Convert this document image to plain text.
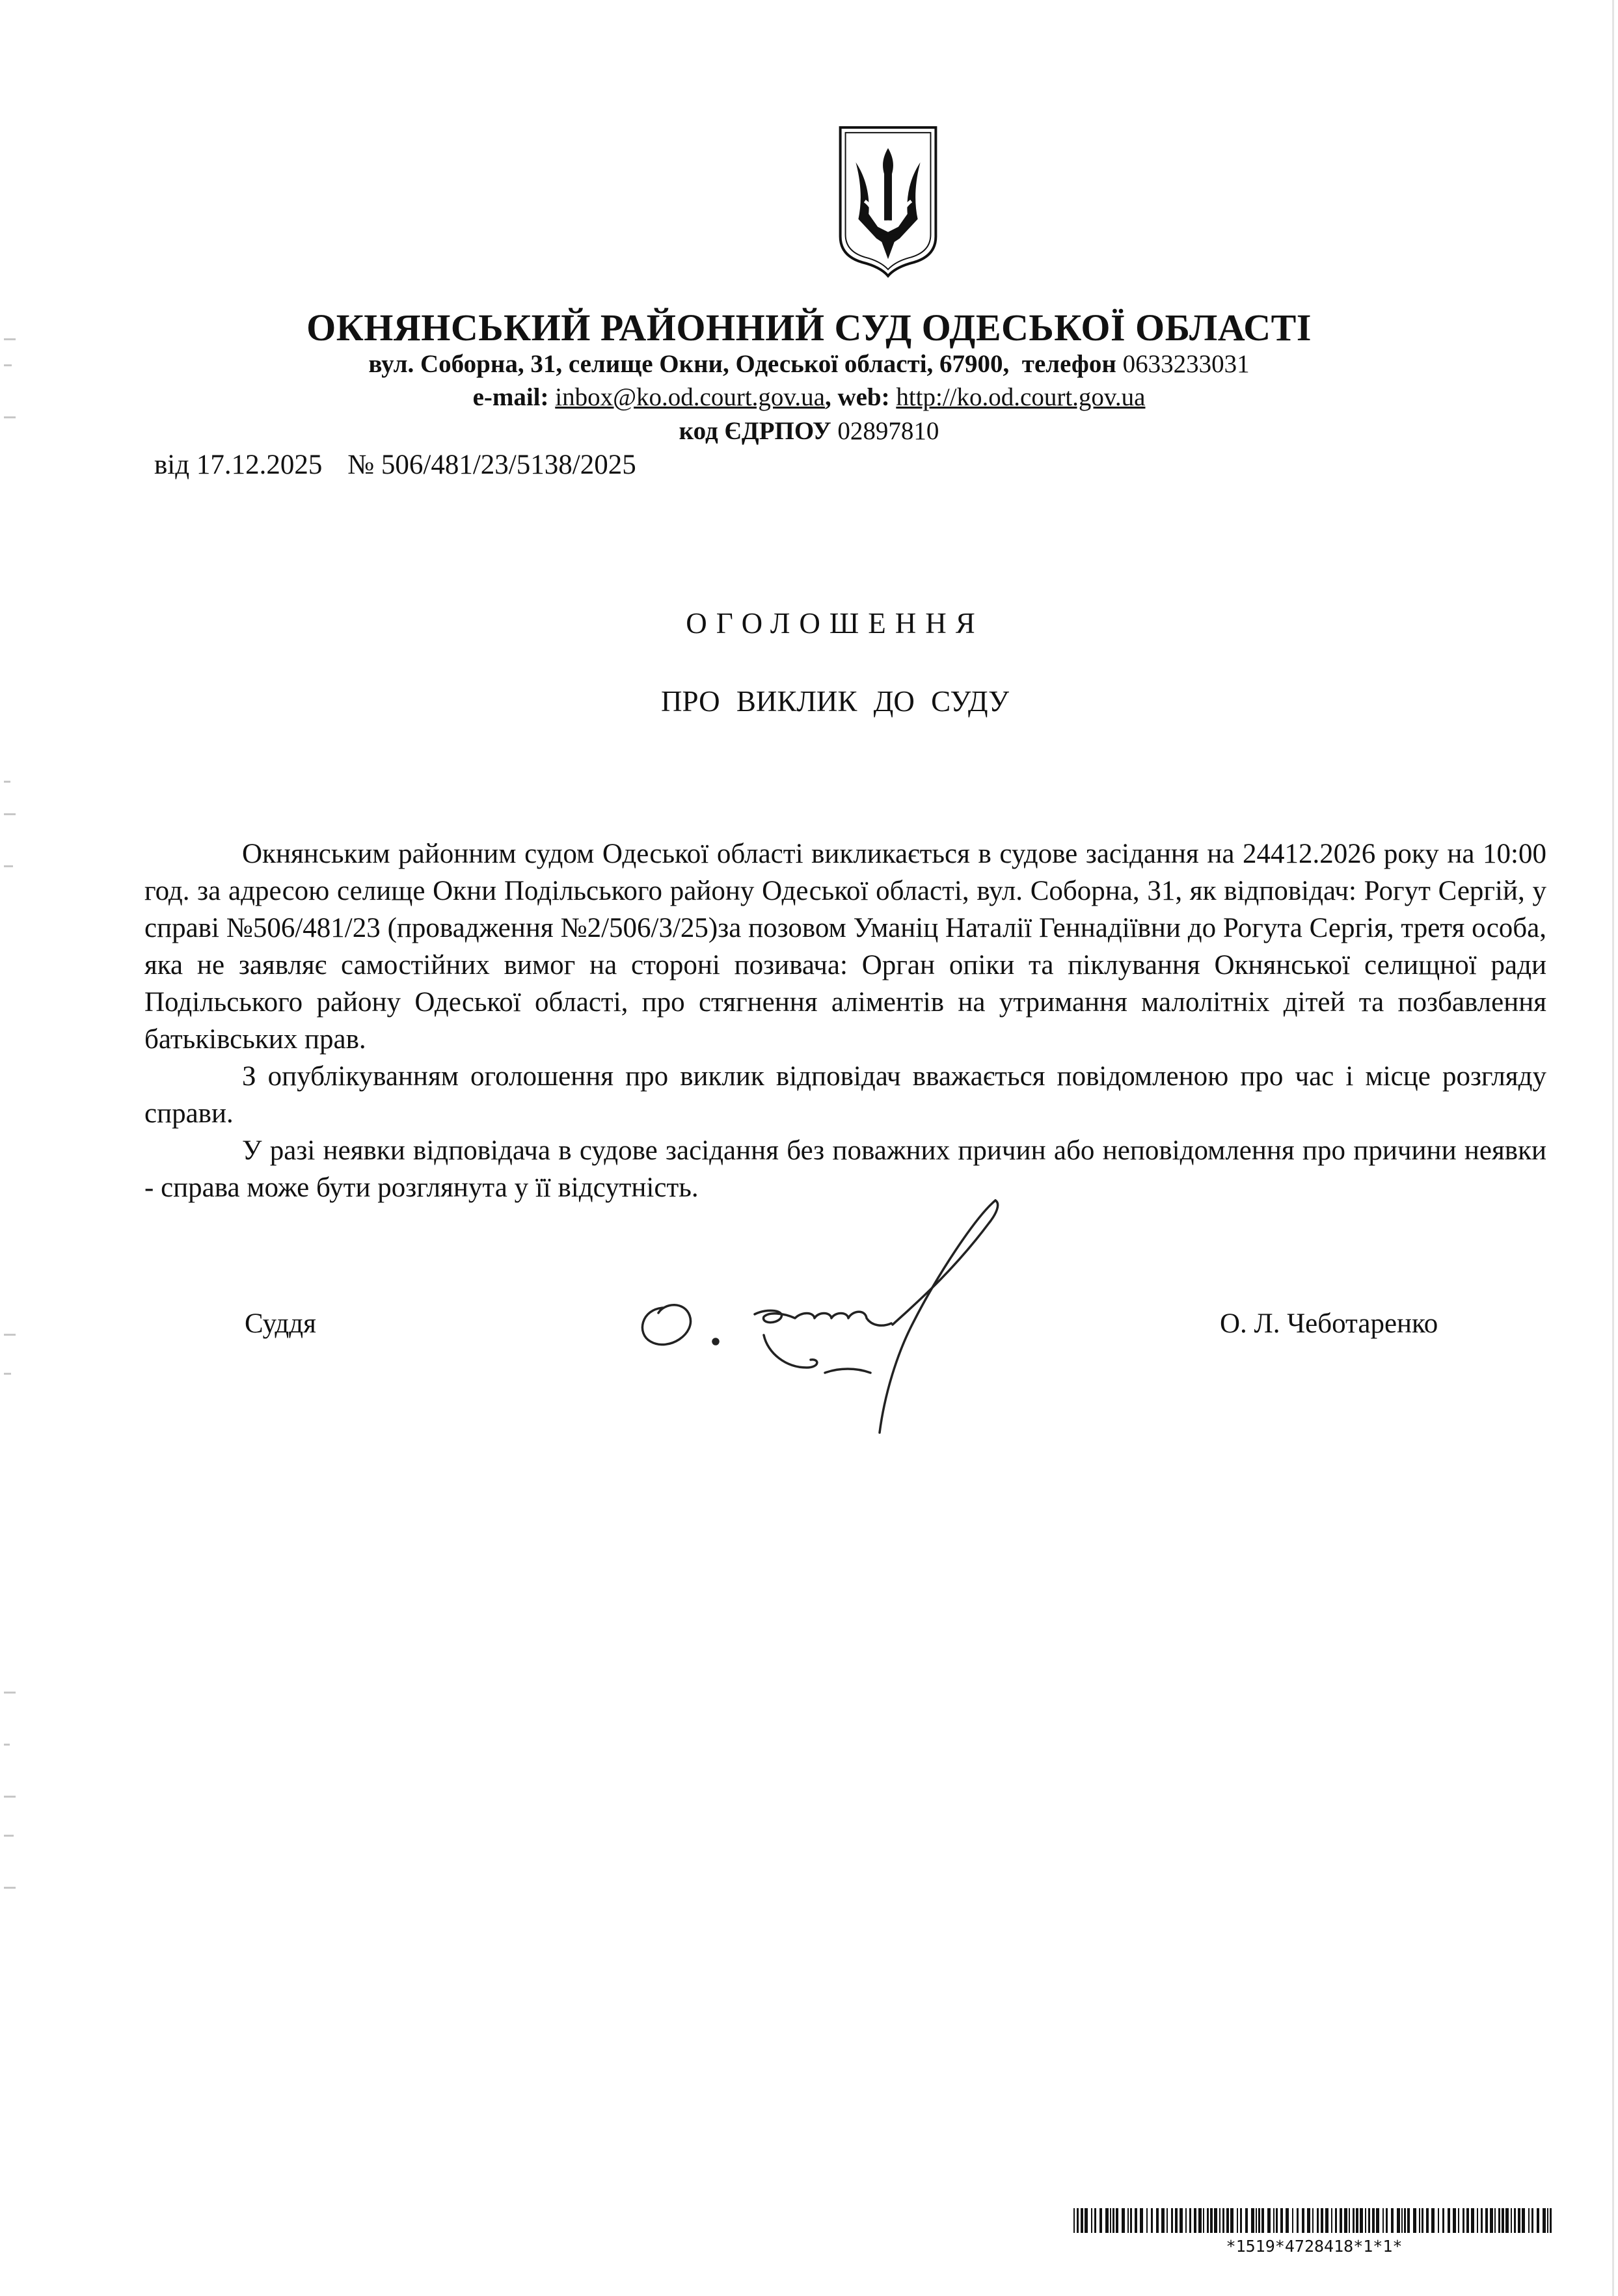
ОКНЯНСЬКИЙ РАЙОННИЙ СУД ОДЕСЬКОЇ ОБЛАСТІ
вул. Соборна, 31, селище Окни, Одеської області, 67900, телефон 0633233031
e-mail: inbox@ko.od.court.gov.ua, web: http://ko.od.court.gov.ua
код ЄДРПОУ 02897810
від 17.12.2025 № 506/481/23/5138/2025
ОГОЛОШЕННЯ
ПРО ВИКЛИК ДО СУДУ

Окнянським районним судом Одеської області викликається в судове засідання на 24412.2026 року на 10:00 год. за адресою селище Окни Подільського району Одеської області, вул. Соборна, 31, як відповідач: Рогут Сергій, у справі №506/481/23 (провадження №2/506/3/25)за позовом Уманіц Наталії Геннадіївни до Рогута Сергія, третя особа, яка не заявляє самостійних вимог на стороні позивача: Орган опіки та піклування Окнянської селищної ради Подільського району Одеської області, про стягнення аліментів на утримання малолітніх дітей та позбавлення батьківських прав.

З опублікуванням оголошення про виклик відповідач вважається повідомленою про час і місце розгляду справи.

У разі неявки відповідача в судове засідання без поважних причин або неповідомлення про причини неявки - справа може бути розглянута у її відсутність.

Суддя	О. Л. Чеботаренко
*1519*4728418*1*1*
